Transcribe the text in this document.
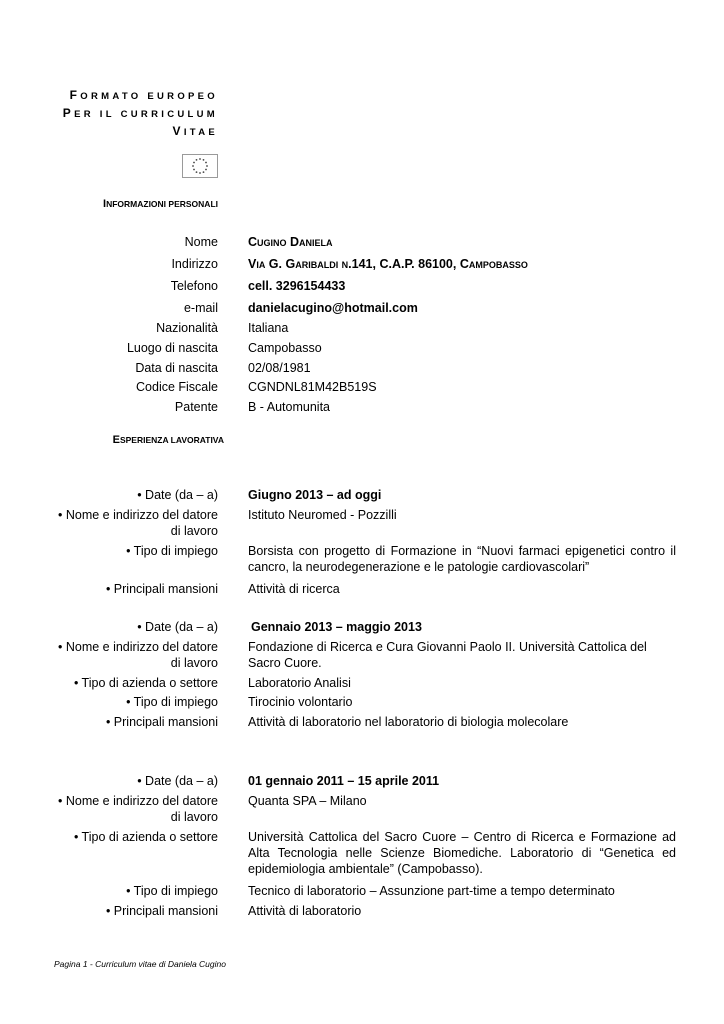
FORMATO EUROPEO
PER IL CURRICULUM
VITAE
INFORMAZIONI PERSONALI
Nome Cugino Daniela
Indirizzo Via G. Garibaldi n.141, C.A.P. 86100, Campobasso
Telefono cell. 3296154433
e-mail danielacugino@hotmail.com
Nazionalità Italiana
Luogo di nascita Campobasso
Data di nascita 02/08/1981
Codice Fiscale CGNDNL81M42B519S
Patente B - Automunita
ESPERIENZA LAVORATIVA
• Date (da – a) Giugno 2013 – ad oggi
• Nome e indirizzo del datore
di lavoro
Istituto Neuromed - Pozzilli
• Tipo di impiego Borsista con progetto di Formazione in “Nuovi farmaci epigenetici contro il cancro, la neurodegenerazione e le patologie cardiovascolari”
• Principali mansioni Attività di ricerca
• Date (da – a)	Gennaio 2013 – maggio 2013
• Nome e indirizzo del datore
di lavoro
Fondazione di Ricerca e Cura Giovanni Paolo II. Università Cattolica del Sacro Cuore.
• Tipo di azienda o settore Laboratorio Analisi
• Tipo di impiego Tirocinio volontario
• Principali mansioni Attività di laboratorio nel laboratorio di biologia molecolare
• Date (da – a) 01 gennaio 2011 – 15 aprile 2011
• Nome e indirizzo del datore
di lavoro
Quanta SPA – Milano
• Tipo di azienda o settore Università Cattolica del Sacro Cuore – Centro di Ricerca e Formazione ad Alta Tecnologia nelle Scienze Biomediche. Laboratorio di “Genetica ed epidemiologia ambientale” (Campobasso).
• Tipo di impiego Tecnico di laboratorio – Assunzione part-time a tempo determinato
• Principali mansioni Attività di laboratorio
Pagina 1 - Curriculum vitae di Daniela Cugino
